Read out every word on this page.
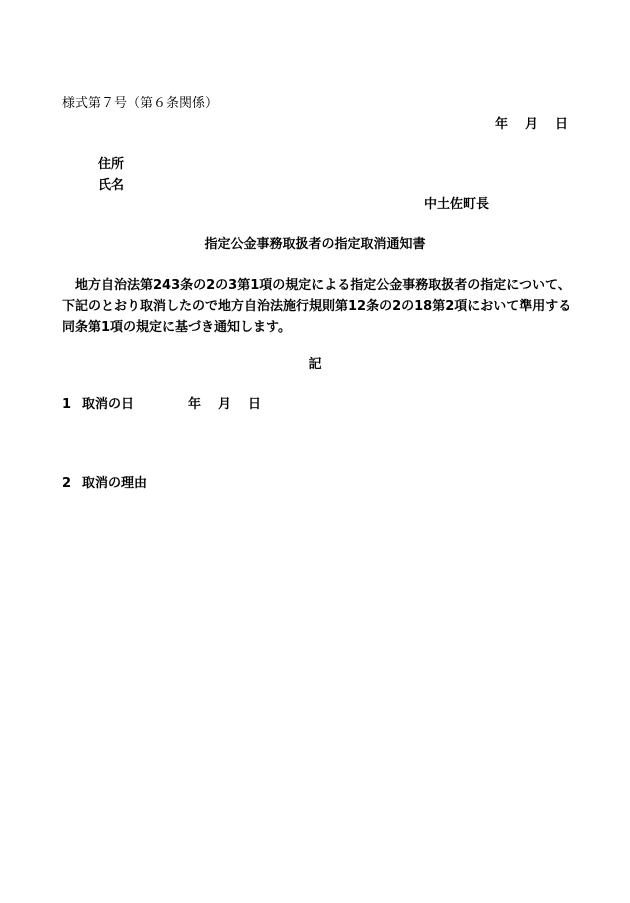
様式第７号（第６条関係）
年 月 日
住所
氏名
中土佐町長
指定公金事務取扱者の指定取消通知書
　地方自治法第243条の2の3第1項の規定による指定公金事務取扱者の指定について、
下記のとおり取消したので地方自治法施行規則第12条の2の18第2項において準用する
同条第1項の規定に基づき通知します。
記
1 取消の日	年 月 日
2 取消の理由
